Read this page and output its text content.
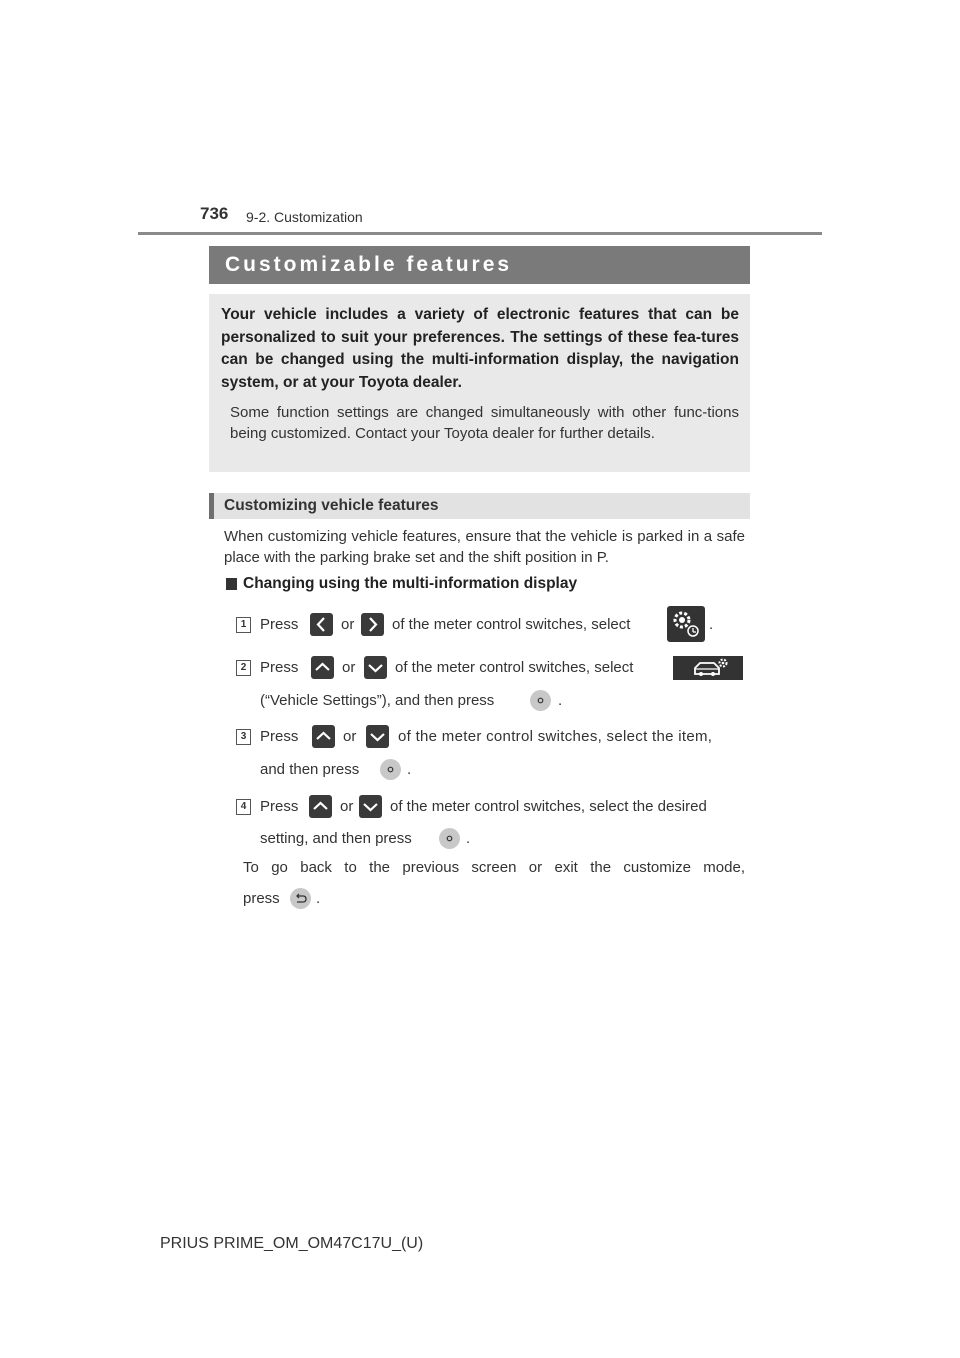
736 9-2. Customization
Customizable features
Your vehicle includes a variety of electronic features that can be personalized to suit your preferences. The settings of these fea-tures can be changed using the multi-information display, the navigation system, or at your Toyota dealer.
Some function settings are changed simultaneously with other func-tions being customized. Contact your Toyota dealer for further details.
Customizing vehicle features
When customizing vehicle features, ensure that the vehicle is parked in a safe place with the parking brake set and the shift position in P.
Changing using the multi-information display
1 Press	or	of the meter control switches, select	.
2 Press	or	of the meter control switches, select
(“Vehicle Settings”), and then press	.
3 Press	or	of the meter control switches, select the item,
and then press	.
4 Press	or of the meter control switches, select the desired
setting, and then press	.
To go back to the previous screen or exit the customize mode,
press .
PRIUS PRIME_OM_OM47C17U_(U)
